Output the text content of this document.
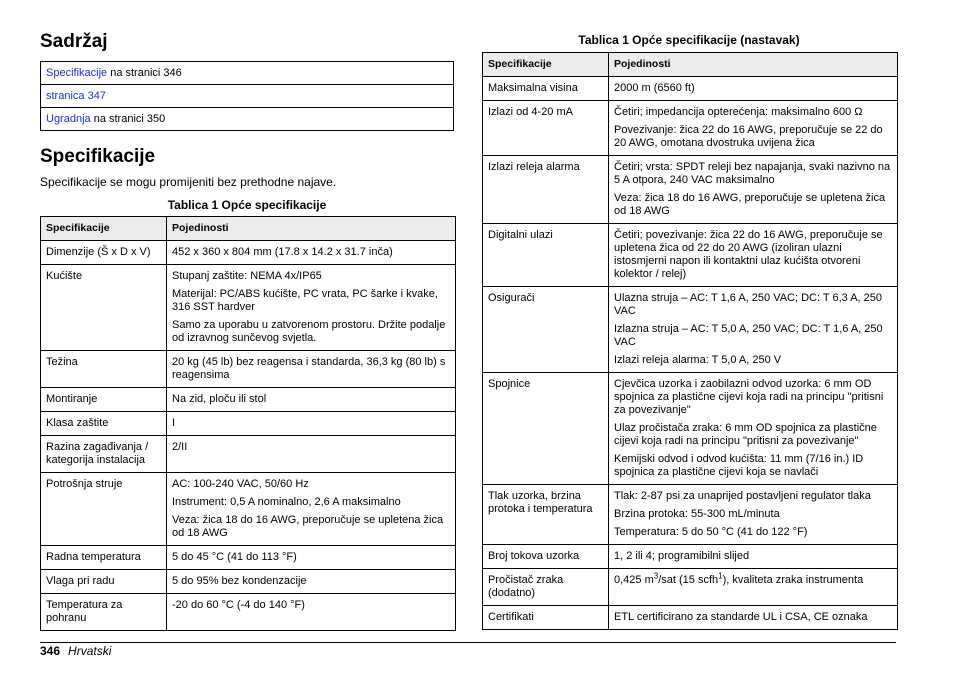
Sadržaj
Specifikacije na stranici 346
stranica 347
Ugradnja na stranici 350
Specifikacije
Specifikacije se mogu promijeniti bez prethodne najave.
Tablica 1 Opće specifikacije
Specifikacije	Pojedinosti
Dimenzije (Š x D x V)	452 x 360 x 804 mm (17.8 x 14.2 x 31.7 inča)

Kućište	Stupanj zaštite: NEMA 4x/IP65

Materijal: PC/ABS kućište, PC vrata, PC šarke i kvake, 316 SST hardver

Samo za uporabu u zatvorenom prostoru. Držite podalje od izravnog sunčevog svjetla.

Težina	20 kg (45 lb) bez reagensa i standarda, 36,3 kg (80 lb) s reagensima

Montiranje	Na zid, ploču ili stol

Klasa zaštite	I

Razina zagađivanja / kategorija instalacija	2/II

Potrošnja struje	AC: 100-240 VAC, 50/60 Hz

Instrument: 0,5 A nominalno, 2,6 A maksimalno

Veza: žica 18 do 16 AWG, preporučuje se upletena žica od 18 AWG

Radna temperatura	5 do 45 °C (41 do 113 °F)

Vlaga pri radu	5 do 95% bez kondenzacije

Temperatura za pohranu	-20 do 60 °C (-4 do 140 °F)

Tablica 1 Opće specifikacije (nastavak)
Specifikacije	Pojedinosti
Maksimalna visina	2000 m (6560 ft)

Izlazi od 4-20 mA	Četiri; impedancija opterećenja: maksimalno 600 Ω

Povezivanje: žica 22 do 16 AWG, preporučuje se 22 do 20 AWG, omotana dvostruka uvijena žica

Izlazi releja alarma	Četiri; vrsta: SPDT releji bez napajanja, svaki nazivno na 5 A otpora, 240 VAC maksimalno

Veza: žica 18 do 16 AWG, preporučuje se upletena žica od 18 AWG

Digitalni ulazi	Četiri; povezivanje: žica 22 do 16 AWG, preporučuje se upletena žica od 22 do 20 AWG (izoliran ulazni istosmjerni napon ili kontaktni ulaz kućišta otvoreni kolektor / relej)

Osigurači	Ulazna struja – AC: T 1,6 A, 250 VAC; DC: T 6,3 A, 250 VAC

Izlazna struja – AC: T 5,0 A, 250 VAC; DC: T 1,6 A, 250 VAC

Izlazi releja alarma: T 5,0 A, 250 V

Spojnice	Cjevčica uzorka i zaobilazni odvod uzorka: 6 mm OD spojnica za plastične cijevi koja radi na principu "pritisni za povezivanje"

Ulaz pročistača zraka: 6 mm OD spojnica za plastične cijevi koja radi na principu "pritisni za povezivanje"

Kemijski odvod i odvod kućišta: 11 mm (7/16 in.) ID spojnica za plastične cijevi koja se navlači

Tlak uzorka, brzina protoka i temperatura	Tlak: 2-87 psi za unaprijed postavljeni regulator tlaka

Brzina protoka: 55-300 mL/minuta

Temperatura: 5 do 50 °C (41 do 122 °F)

Broj tokova uzorka	1, 2 ili 4; programibilni slijed

Pročistač zraka (dodatno)	0,425 $m^3$/sat (15 scfh$^1$), kvaliteta zraka instrumenta

Certifikati	ETL certificirano za standarde UL i CSA, CE oznaka

346 Hrvatski
